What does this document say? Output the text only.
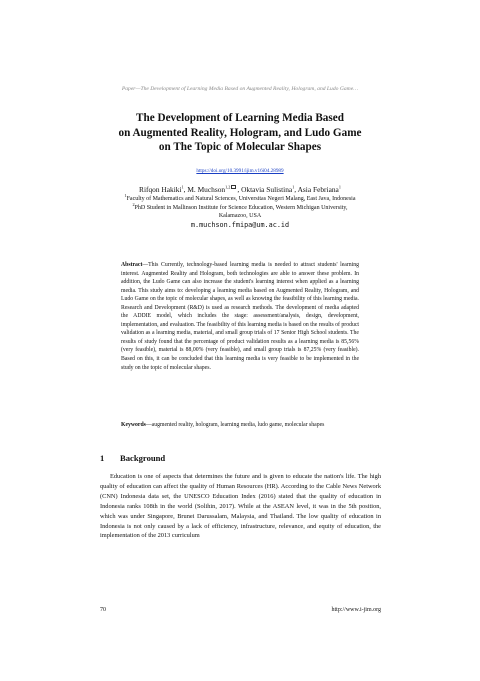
Paper—The Development of Learning Media Based on Augmented Reality, Hologram, and Ludo Game…
The Development of Learning Media Based
on Augmented Reality, Hologram, and Ludo Game
on The Topic of Molecular Shapes
https://doi.org/10.3991/ijim.v16i04.28989
Rifqon Hakiki$^1$, M. Muchson$^{1,2}$ , Oktavia Sulistina$^1$, Asia Febriana$^1$
$^1$Faculty of Mathematics and Natural Sciences, Universitas Negeri Malang, East Java, Indonesia
$^2$PhD Student in Mallinson Institute for Science Education, Western Michigan University,
Kalamazoo, USA
m.muchson.fmipa@um.ac.id
Abstract—This Currently, technology-based learning media is needed to attract students' learning interest. Augmented Reality and Hologram, both technologies are able to answer these problem. In addition, the Ludo Game can also increase the student's learning interest when applied as a learning media. This study aims to: developing a learning media based on Augmented Reality, Hologram, and Ludo Game on the topic of molecular shapes, as well as knowing the feasibility of this learning media. Research and Development (R&D) is used as research methods. The development of media adapted the ADDIE model, which includes the stage: assessment/analysis, design, development, implementation, and evaluation. The feasibility of this learning media is based on the results of product validation as a learning media, material, and small group trials of 17 Senior High School students. The results of study found that the percentage of product validation results as a learning media is 85,56% (very feasible), material is 88,00% (very feasible), and small group trials is 87,25% (very feasible). Based on this, it can be concluded that this learning media is very feasible to be implemented in the study on the topic of molecular shapes.
Keywords—augmented reality, hologram, learning media, ludo game, molecular shapes
1 Background
Education is one of aspects that determines the future and is given to educate the nation's life. The high quality of education can affect the quality of Human Resources (HR). According to the Cable News Network (CNN) Indonesia data set, the UNESCO Education Index (2016) stated that the quality of education in Indonesia ranks 108th in the world (Solihin, 2017). While at the ASEAN level, it was in the 5th position, which was under Singapore, Brunei Darussalam, Malaysia, and Thailand. The low quality of education in Indonesia is not only caused by a lack of efficiency, infrastructure, relevance, and equity of education, the implementation of the 2013 curriculum
70	http://www.i-jim.org
